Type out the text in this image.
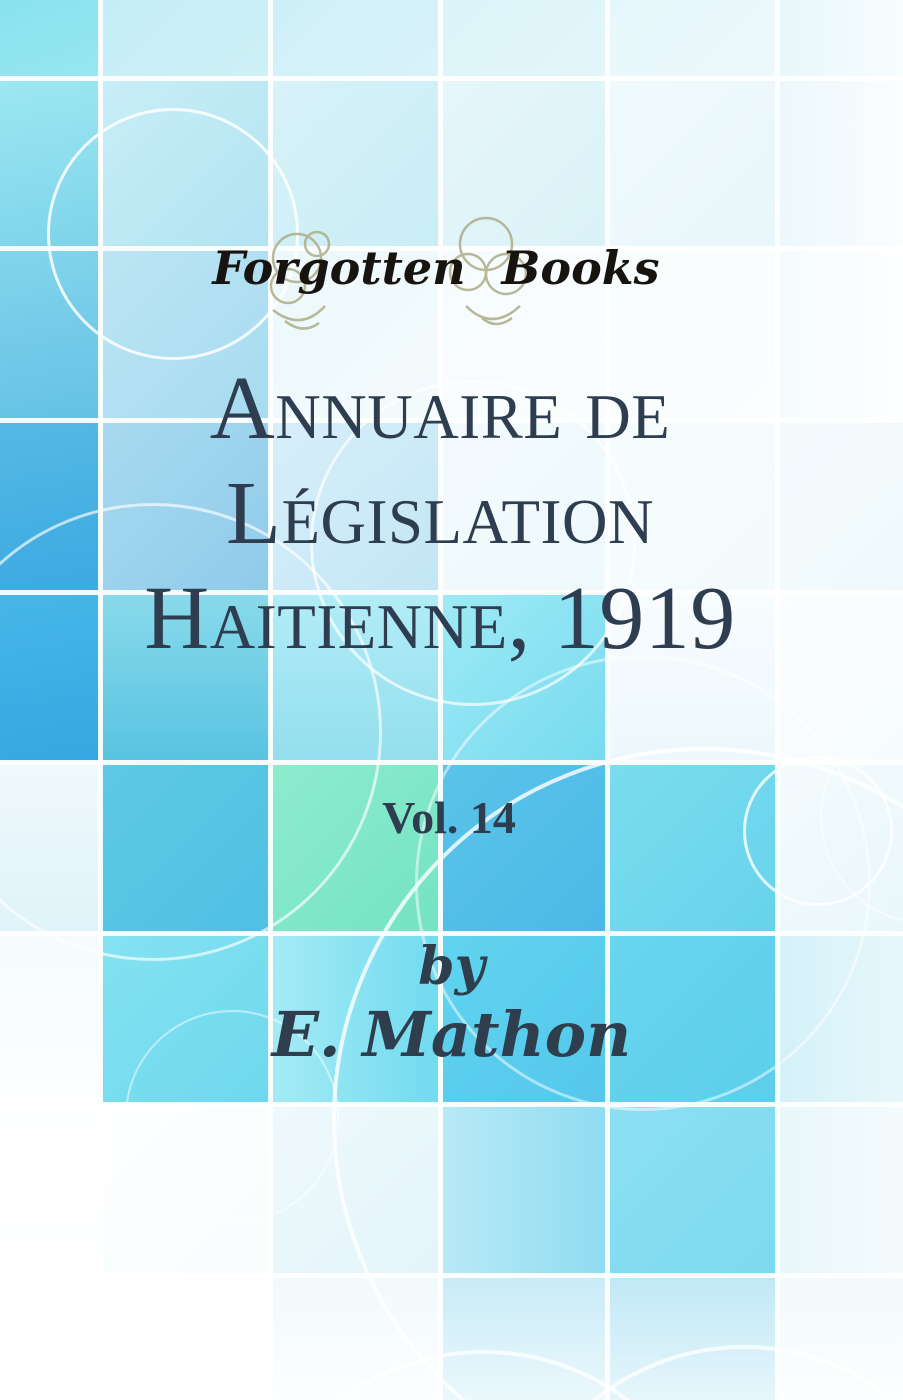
Forgotten Books
Annuaire de
Législation
Haitienne, 1919
Vol. 14
by
E. Mathon
